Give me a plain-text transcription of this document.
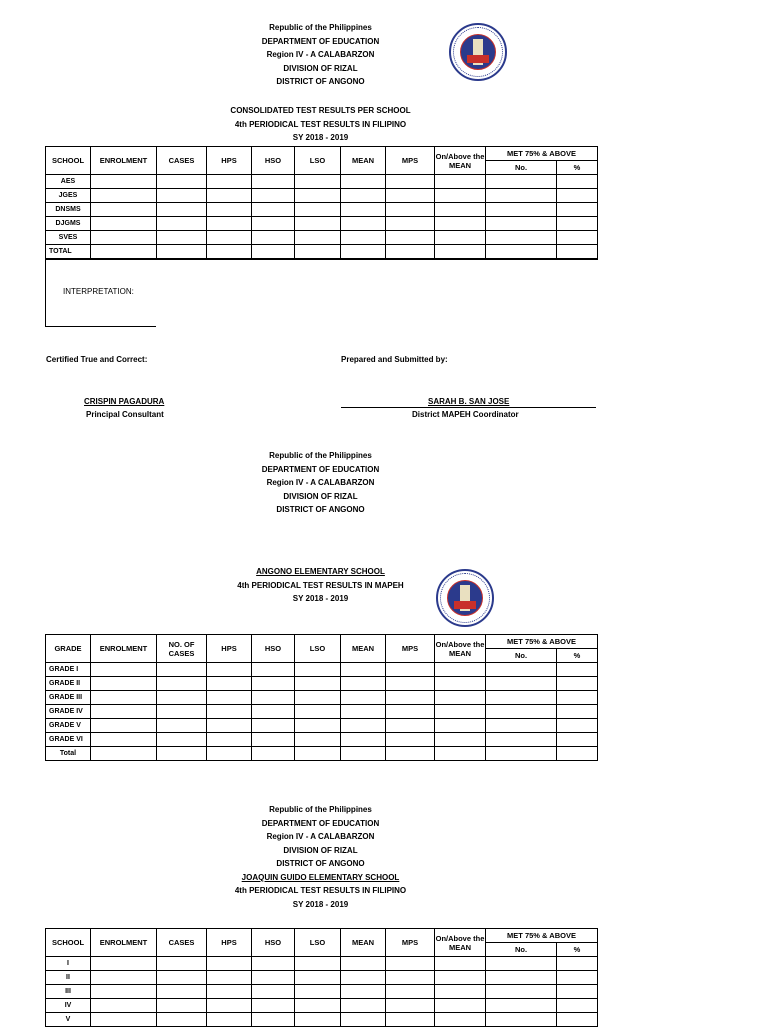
Republic of the Philippines
DEPARTMENT OF EDUCATION
Region IV - A CALABARZON
DIVISION OF RIZAL
DISTRICT OF ANGONO
CONSOLIDATED TEST RESULTS PER SCHOOL
4th PERIODICAL TEST RESULTS IN FILIPINO
SY 2018 - 2019
SCHOOL	ENROLMENT	CASES	HPS	HSO	LSO	MEAN	MPS	On/Above the MEAN	MET 75% & ABOVE	
									No.	%
AES										
JGES										
DNSMS										
DJGMS										
SVES										
TOTAL										
INTERPRETATION:
Certified True and Correct:	Prepared and Submitted by:
CRISPIN PAGADURA
Principal Consultant
SARAH B. SAN JOSE
District MAPEH Coordinator
Republic of the Philippines
DEPARTMENT OF EDUCATION
Region IV - A CALABARZON
DIVISION OF RIZAL
DISTRICT OF ANGONO
ANGONO ELEMENTARY SCHOOL
4th PERIODICAL TEST RESULTS IN MAPEH
SY 2018 - 2019
GRADE	ENROLMENT	NO. OF CASES	HPS	HSO	LSO	MEAN	MPS	On/Above the MEAN	MET 75% & ABOVE	
									No.	%
GRADE I										
GRADE II										
GRADE III										
GRADE IV										
GRADE V										
GRADE VI										
Total										
Republic of the Philippines
DEPARTMENT OF EDUCATION
Region IV - A CALABARZON
DIVISION OF RIZAL
DISTRICT OF ANGONO
JOAQUIN GUIDO ELEMENTARY SCHOOL
4th PERIODICAL TEST RESULTS IN FILIPINO
SY 2018 - 2019
SCHOOL	ENROLMENT	CASES	HPS	HSO	LSO	MEAN	MPS	On/Above the MEAN	MET 75% & ABOVE	
									No.	%
I										
II										
III										
IV										
V										
